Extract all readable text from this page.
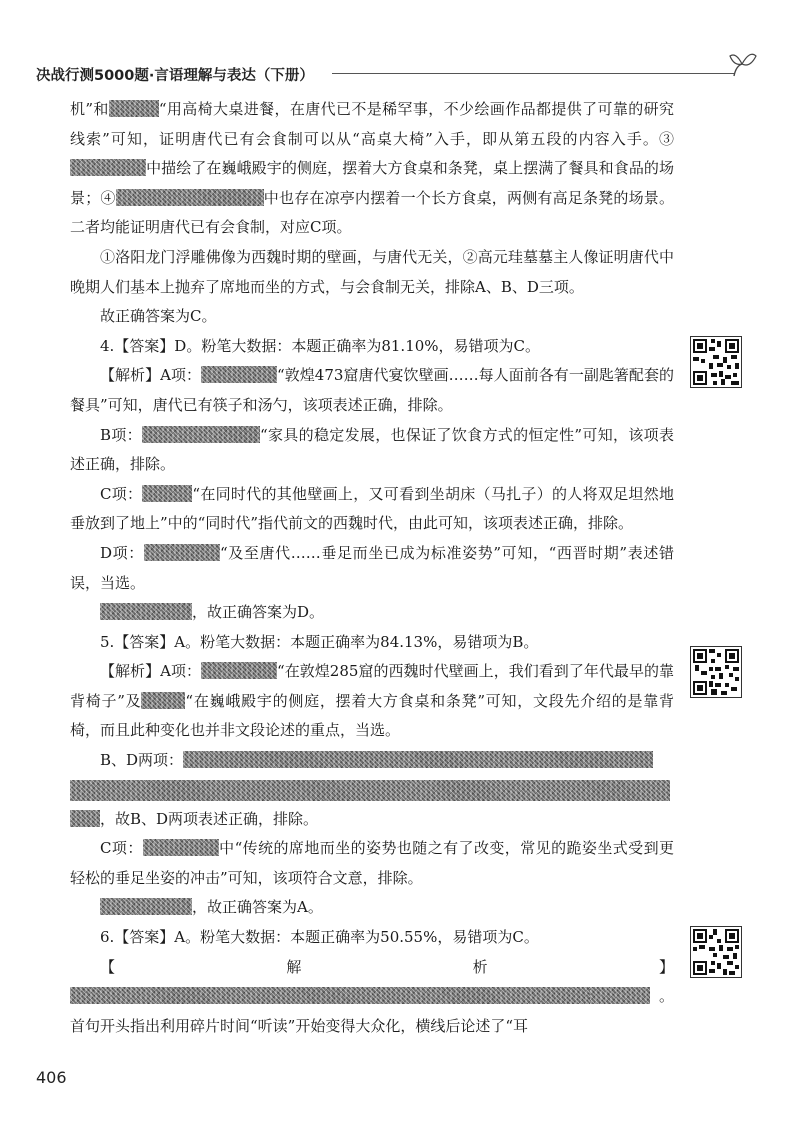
决战行测5000题·言语理解与表达（下册）

机”和	“用高椅大桌进餐，在唐代已不是稀罕事，不少绘画作品都提供了可靠的研究线索”可知，证明唐代已有会食制可以从“高桌大椅”入手，即从第五段的内容入手。③中描绘了在巍峨殿宇的侧庭，摆着大方食桌和条凳，桌上摆满了餐具和食品的场景；④	中也存在凉亭内摆着一个长方食桌，两侧有高足条凳的场景。二者均能证明唐代已有会食制，对应C项。

①洛阳龙门浮雕佛像为西魏时期的壁画，与唐代无关，②高元珪墓墓主人像证明唐代中晚期人们基本上抛弃了席地而坐的方式，与会食制无关，排除A、B、D三项。

故正确答案为C。

4.【答案】D。粉笔大数据：本题正确率为81.10%，易错项为C。

【解析】A项：	“敦煌473窟唐代宴饮壁画……每人面前各有一副匙箸配套的餐具”可知，唐代已有筷子和汤勺，该项表述正确，排除。

B项：	“家具的稳定发展，也保证了饮食方式的恒定性”可知，该项表述正确，排除。

C项：	“在同时代的其他壁画上，又可看到坐胡床（马扎子）的人将双足坦然地垂放到了地上”中的“同时代”指代前文的西魏时代，由此可知，该项表述正确，排除。

D项：	“及至唐代……垂足而坐已成为标准姿势”可知，“西晋时期”表述错误，当选。

，故正确答案为D。

5.【答案】A。粉笔大数据：本题正确率为84.13%，易错项为B。

【解析】A项：	“在敦煌285窟的西魏时代壁画上，我们看到了年代最早的靠背椅子”及	“在巍峨殿宇的侧庭，摆着大方食桌和条凳”可知，文段先介绍的是靠背椅，而且此种变化也并非文段论述的重点，当选。

B、D两项：
，故B、D两项表述正确，排除。

C项：	中“传统的席地而坐的姿势也随之有了改变，常见的跪姿坐式受到更轻松的垂足坐姿的冲击”可知，该项符合文意，排除。

，故正确答案为A。

6.【答案】A。粉笔大数据：本题正确率为50.55%，易错项为C。

【解析】。首句开头指出利用碎片时间“听读”开始变得大众化，横线后论述了“耳

406
